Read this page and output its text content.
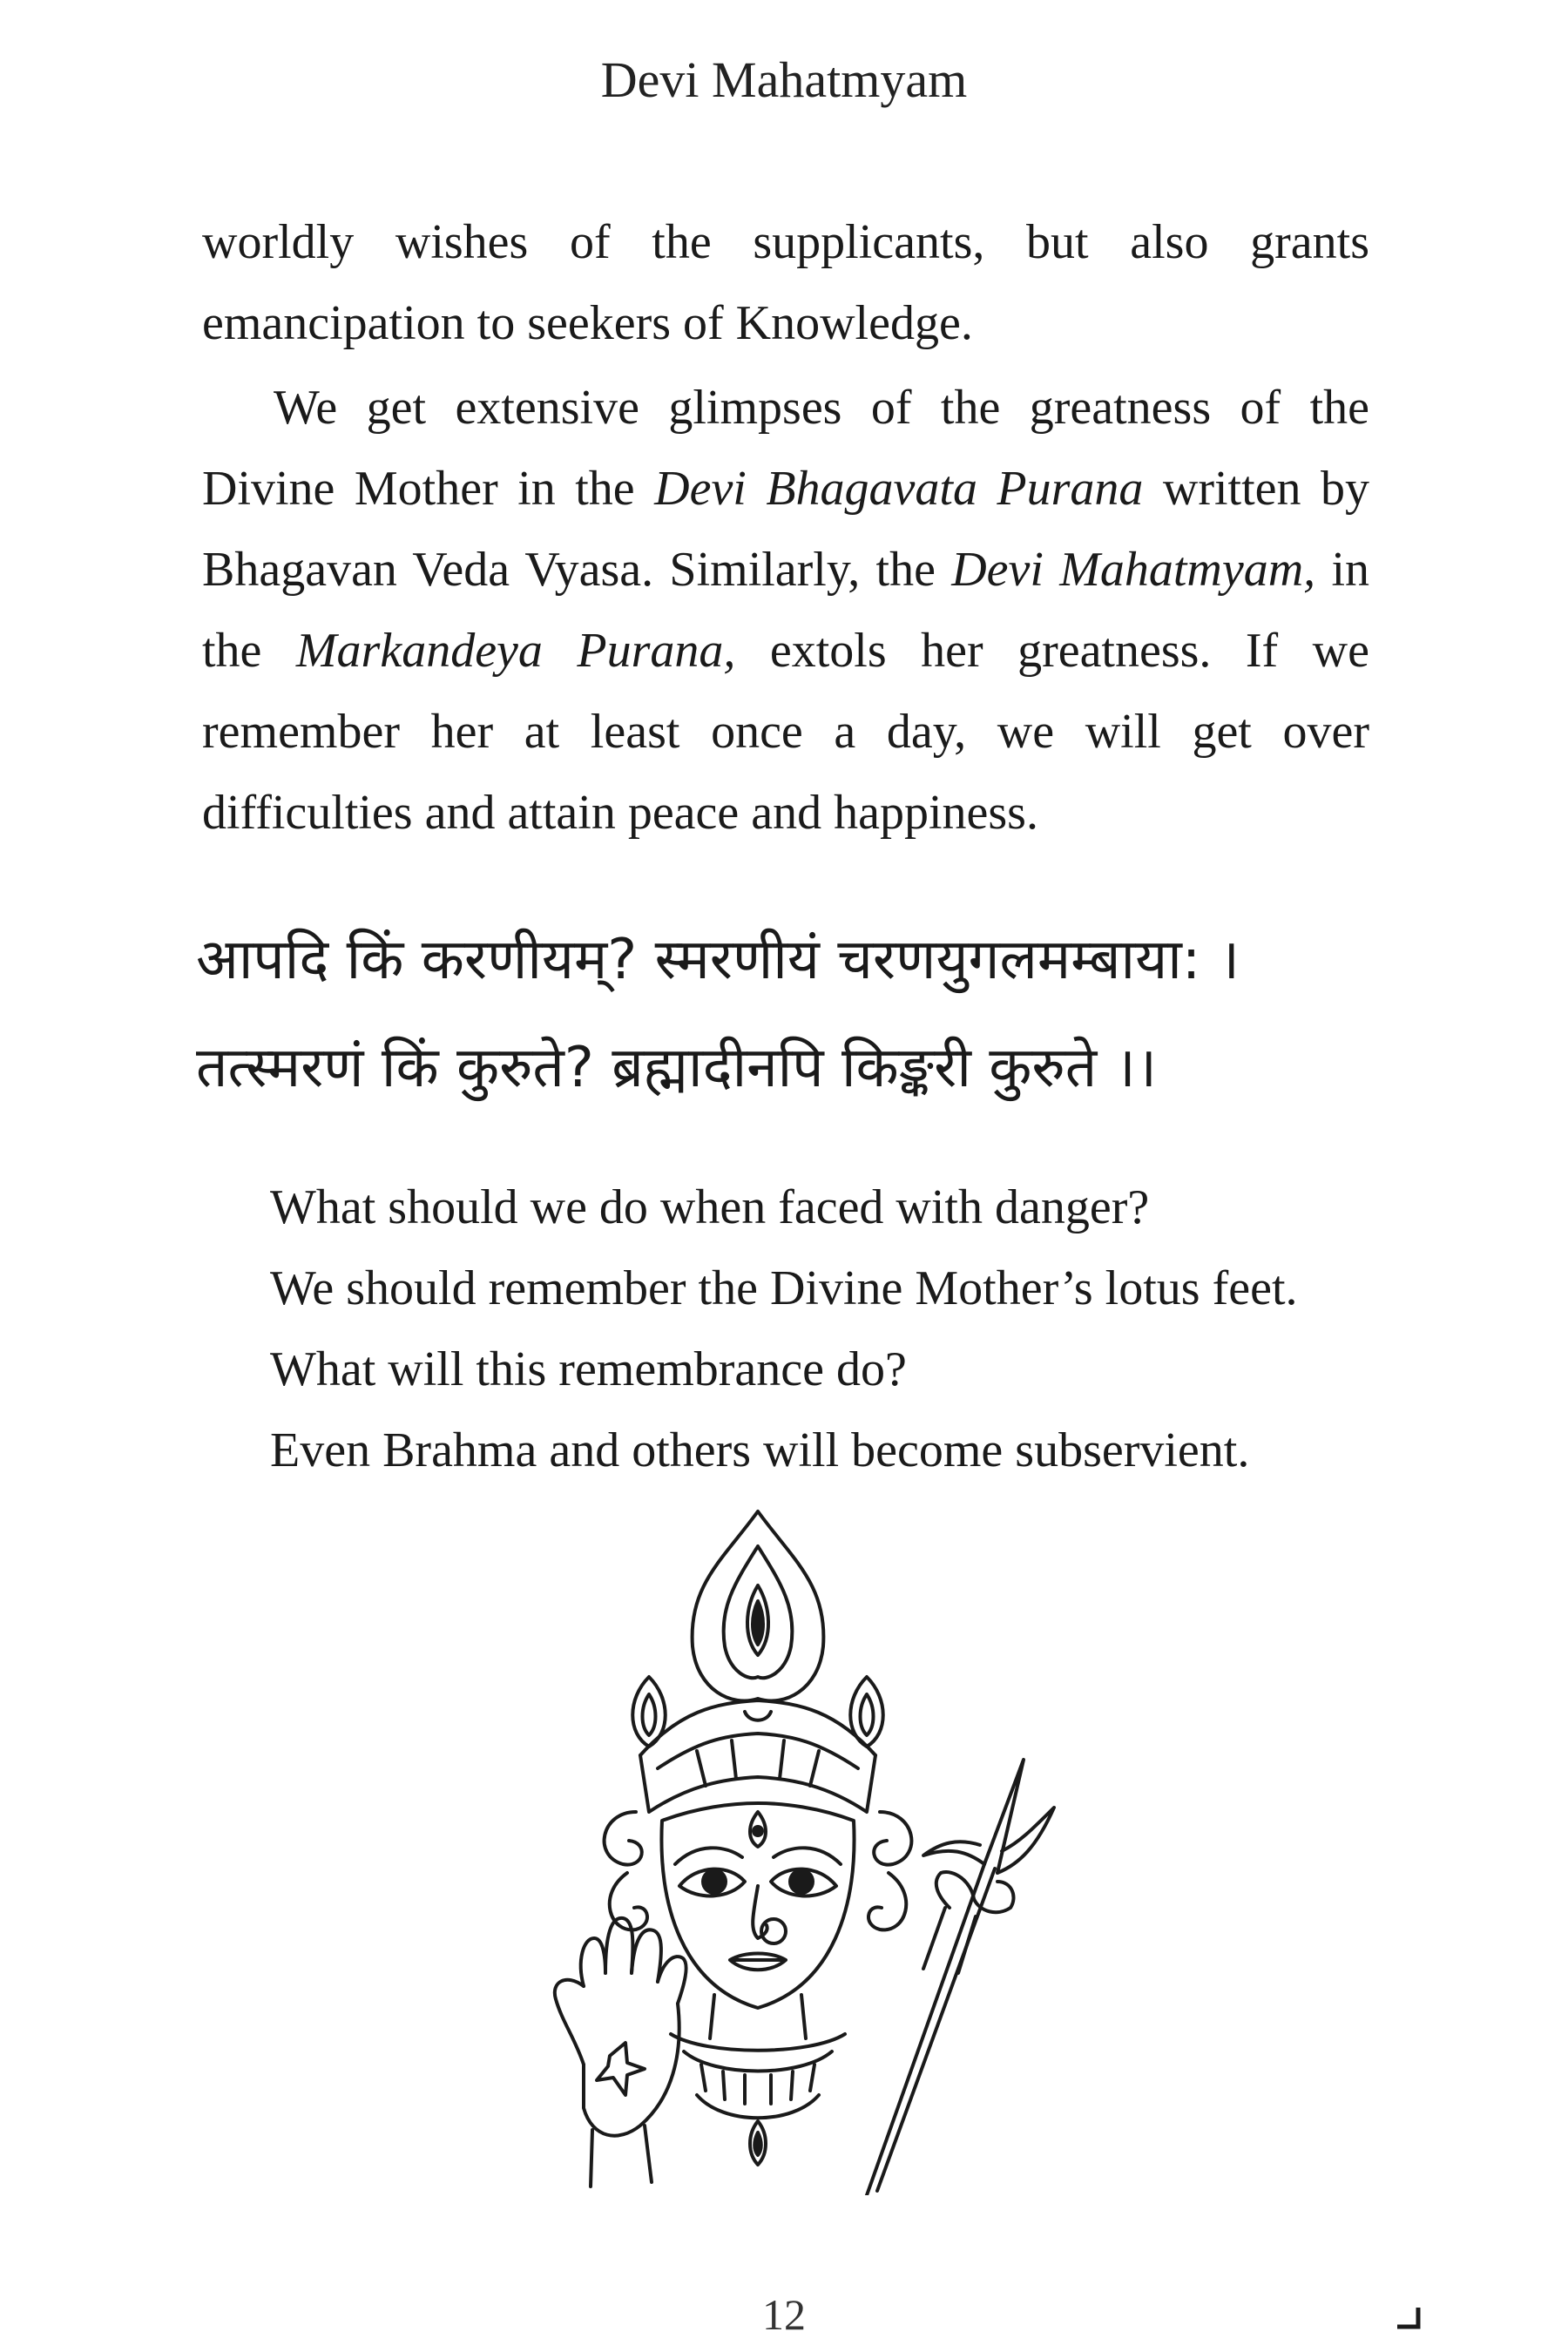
Devi Mahatmyam

worldly wishes of the supplicants, but also grants emancipation to seekers of Knowledge.

We get extensive glimpses of the greatness of the Divine Mother in the Devi Bhagavata Purana written by Bhagavan Veda Vyasa. Similarly, the Devi Mahatmyam, in the Markandeya Purana, extols her greatness. If we remember her at least once a day, we will get over difficulties and attain peace and happiness.

आपदि किं करणीयम्? स्मरणीयं चरणयुगलमम्बाया: ।
तत्स्मरणं किं कुरुते? ब्रह्मादीनपि किङ्करी कुरुते ।।
What should we do when faced with danger?
We should remember the Divine Mother’s lotus feet.
What will this remembrance do?
Even Brahma and others will become subservient.
12
